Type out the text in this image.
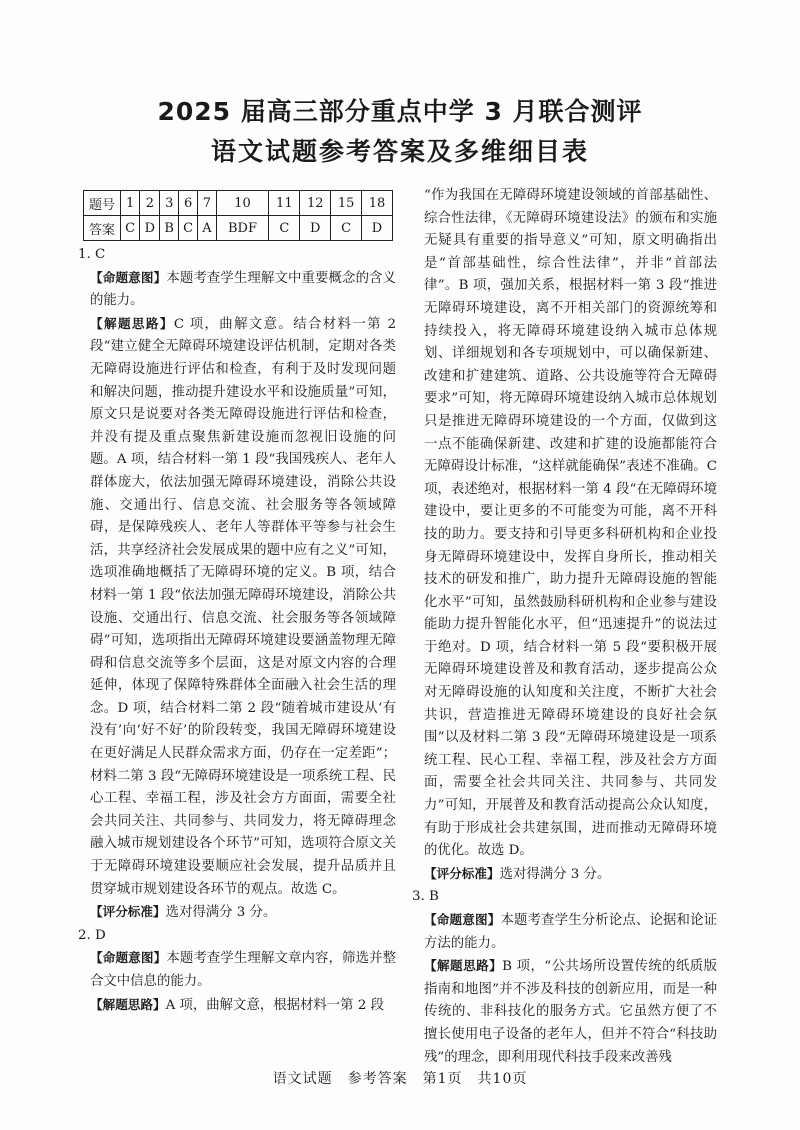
2025 届高三部分重点中学 3 月联合测评
语文试题参考答案及多维细目表
题号	1	2	3	6	7	10	11	12	15	18
答案	C	D	B	C	A	BDF	C	D	C	D

1. C

【命题意图】本题考查学生理解文中重要概念的含义的能力。

【解题思路】C 项，曲解文意。结合材料一第 2 段“建立健全无障碍环境建设评估机制，定期对各类无障碍设施进行评估和检查，有利于及时发现问题和解决问题，推动提升建设水平和设施质量”可知，原文只是说要对各类无障碍设施进行评估和检查，并没有提及重点聚焦新建设施而忽视旧设施的问题。A 项，结合材料一第 1 段“我国残疾人、老年人群体庞大，依法加强无障碍环境建设，消除公共设施、交通出行、信息交流、社会服务等各领域障碍，是保障残疾人、老年人等群体平等参与社会生活，共享经济社会发展成果的题中应有之义”可知，选项准确地概括了无障碍环境的定义。B 项，结合材料一第 1 段“依法加强无障碍环境建设，消除公共设施、交通出行、信息交流、社会服务等各领域障碍”可知，选项指出无障碍环境建设要涵盖物理无障碍和信息交流等多个层面，这是对原文内容的合理延伸，体现了保障特殊群体全面融入社会生活的理念。D 项，结合材料二第 2 段“随着城市建设从‘有没有’向‘好不好’的阶段转变，我国无障碍环境建设在更好满足人民群众需求方面，仍存在一定差距”；材料二第 3 段“无障碍环境建设是一项系统工程、民心工程、幸福工程，涉及社会方方面面，需要全社会共同关注、共同参与、共同发力，将无障碍理念融入城市规划建设各个环节”可知，选项符合原文关于无障碍环境建设要顺应社会发展，提升品质并且贯穿城市规划建设各环节的观点。故选 C。

【评分标准】选对得满分 3 分。

2. D

【命题意图】本题考查学生理解文章内容，筛选并整合文中信息的能力。

【解题思路】A 项，曲解文意，根据材料一第 2 段

“作为我国在无障碍环境建设领域的首部基础性、综合性法律，《无障碍环境建设法》的颁布和实施无疑具有重要的指导意义”可知，原文明确指出是“首部基础性，综合性法律”，并非“首部法律”。B 项，强加关系，根据材料一第 3 段“推进无障碍环境建设，离不开相关部门的资源统筹和持续投入，将无障碍环境建设纳入城市总体规划、详细规划和各专项规划中，可以确保新建、改建和扩建建筑、道路、公共设施等符合无障碍要求”可知，将无障碍环境建设纳入城市总体规划只是推进无障碍环境建设的一个方面，仅做到这一点不能确保新建、改建和扩建的设施都能符合无障碍设计标准，“这样就能确保”表述不准确。C 项，表述绝对，根据材料一第 4 段“在无障碍环境建设中，要让更多的不可能变为可能，离不开科技的助力。要支持和引导更多科研机构和企业投身无障碍环境建设中，发挥自身所长，推动相关技术的研发和推广，助力提升无障碍设施的智能化水平”可知，虽然鼓励科研机构和企业参与建设能助力提升智能化水平，但“迅速提升”的说法过于绝对。D 项，结合材料一第 5 段“要积极开展无障碍环境建设普及和教育活动，逐步提高公众对无障碍设施的认知度和关注度，不断扩大社会共识，营造推进无障碍环境建设的良好社会氛围”以及材料二第 3 段“无障碍环境建设是一项系统工程、民心工程、幸福工程，涉及社会方方面面，需要全社会共同关注、共同参与、共同发力”可知，开展普及和教育活动提高公众认知度，有助于形成社会共建氛围，进而推动无障碍环境的优化。故选 D。

【评分标准】选对得满分 3 分。

3. B

【命题意图】本题考查学生分析论点、论据和论证方法的能力。

【解题思路】B 项，“公共场所设置传统的纸质版指南和地图”并不涉及科技的创新应用，而是一种传统的、非科技化的服务方式。它虽然方便了不擅长使用电子设备的老年人，但并不符合“科技助残”的理念，即利用现代科技手段来改善残

语文试题　参考答案　第1页　共10页
